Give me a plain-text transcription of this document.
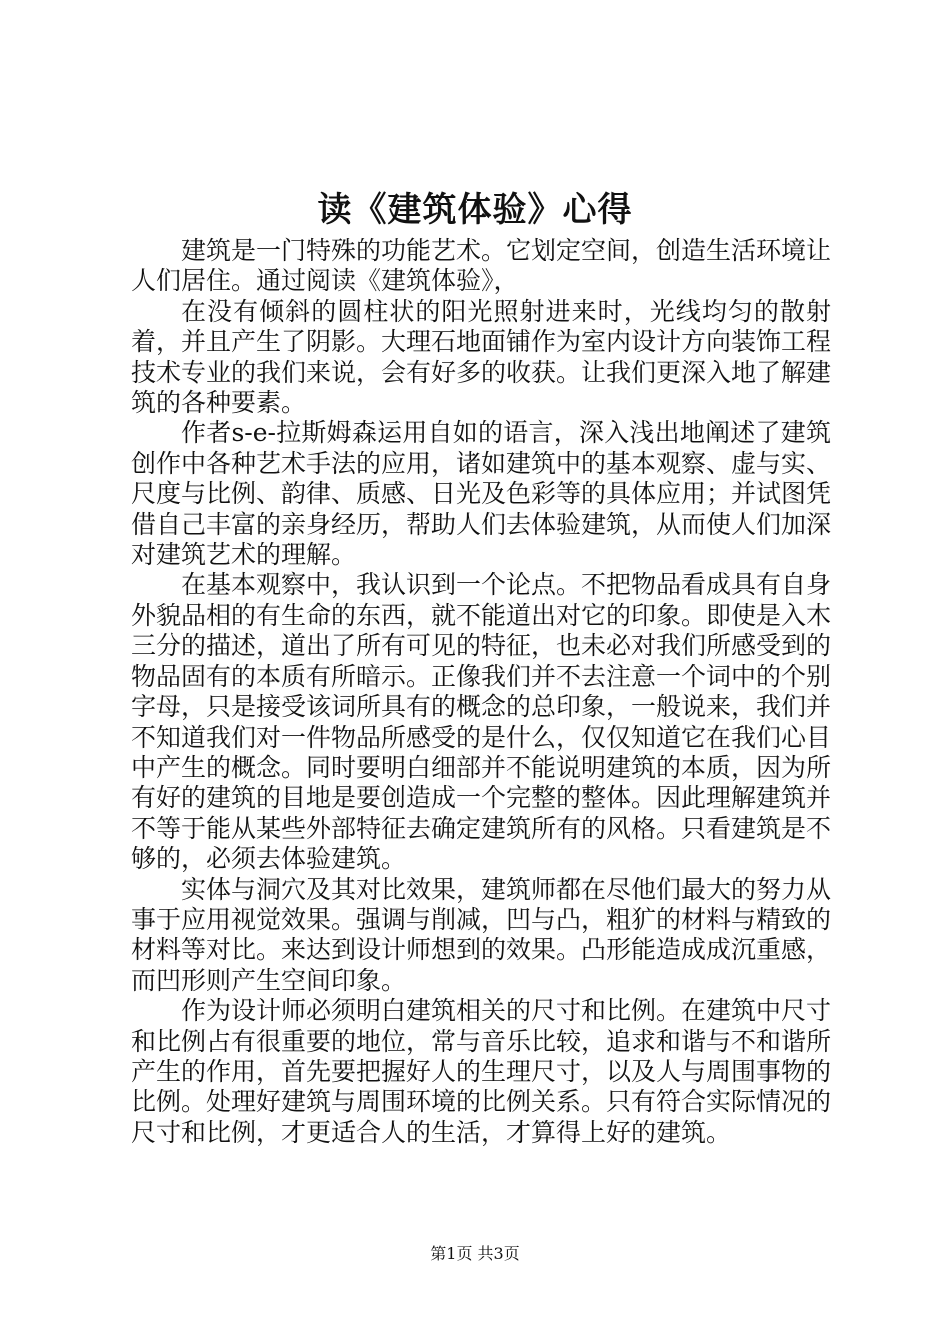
读《建筑体验》心得

建筑是一门特殊的功能艺术。它划定空间，创造生活环境让人们居住。通过阅读《建筑体验》，

在没有倾斜的圆柱状的阳光照射进来时，光线均匀的散射着，并且产生了阴影。大理石地面铺作为室内设计方向装饰工程技术专业的我们来说，会有好多的收获。让我们更深入地了解建筑的各种要素。

作者s-e-拉斯姆森运用自如的语言，深入浅出地阐述了建筑创作中各种艺术手法的应用，诸如建筑中的基本观察、虚与实、尺度与比例、韵律、质感、日光及色彩等的具体应用；并试图凭借自己丰富的亲身经历，帮助人们去体验建筑，从而使人们加深对建筑艺术的理解。

在基本观察中，我认识到一个论点。不把物品看成具有自身外貌品相的有生命的东西，就不能道出对它的印象。即使是入木三分的描述，道出了所有可见的特征，也未必对我们所感受到的物品固有的本质有所暗示。正像我们并不去注意一个词中的个别字母，只是接受该词所具有的概念的总印象，一般说来，我们并不知道我们对一件物品所感受的是什么，仅仅知道它在我们心目中产生的概念。同时要明白细部并不能说明建筑的本质，因为所有好的建筑的目地是要创造成一个完整的整体。因此理解建筑并不等于能从某些外部特征去确定建筑所有的风格。只看建筑是不够的，必须去体验建筑。

实体与洞穴及其对比效果，建筑师都在尽他们最大的努力从事于应用视觉效果。强调与削减，凹与凸，粗犷的材料与精致的材料等对比。来达到设计师想到的效果。凸形能造成成沉重感，而凹形则产生空间印象。

作为设计师必须明白建筑相关的尺寸和比例。在建筑中尺寸和比例占有很重要的地位，常与音乐比较，追求和谐与不和谐所产生的作用，首先要把握好人的生理尺寸，以及人与周围事物的比例。处理好建筑与周围环境的比例关系。只有符合实际情况的尺寸和比例，才更适合人的生活，才算得上好的建筑。

第1页 共3页
